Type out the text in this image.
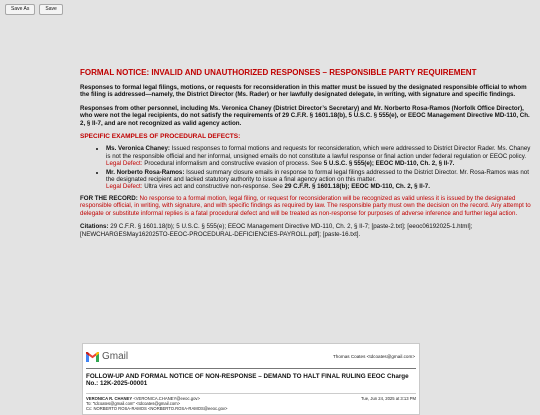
Save As	Save

FORMAL NOTICE: INVALID AND UNAUTHORIZED RESPONSES – RESPONSIBLE PARTY REQUIREMENT

Responses to formal legal filings, motions, or requests for reconsideration in this matter must be issued by the designated responsible official to whom the filing is addressed—namely, the District Director (Ms. Rader) or her lawfully designated delegate, in writing, with signature and specific findings.

Responses from other personnel, including Ms. Veronica Chaney (District Director’s Secretary) and Mr. Norberto Rosa-Ramos (Norfolk Office Director), who were not the legal recipients, do not satisfy the requirements of 29 C.F.R. § 1601.18(b), 5 U.S.C. § 555(e), or EEOC Management Directive MD-110, Ch. 2, § II-7, and are not recognized as valid agency action.

SPECIFIC EXAMPLES OF PROCEDURAL DEFECTS:

• Ms. Veronica Chaney: Issued responses to formal motions and requests for reconsideration, which were addressed to District Director Rader. Ms. Chaney is not the responsible official and her informal, unsigned emails do not constitute a lawful response or final action under federal regulation or EEOC policy.
Legal Defect: Procedural informalism and constructive evasion of process. See 5 U.S.C. § 555(e); EEOC MD-110, Ch. 2, § II-7.
• Mr. Norberto Rosa-Ramos: Issued summary closure emails in response to formal legal filings addressed to the District Director. Mr. Rosa-Ramos was not the designated recipient and lacked statutory authority to issue a final agency action on this matter.
Legal Defect: Ultra vires act and constructive non-response. See 29 C.F.R. § 1601.18(b); EEOC MD-110, Ch. 2, § II-7.

FOR THE RECORD: No response to a formal motion, legal filing, or request for reconsideration will be recognized as valid unless it is issued by the designated responsible official, in writing, with signature, and with specific findings as required by law. The responsible party must own the decision on the record. Any attempt to delegate or substitute informal replies is a fatal procedural defect and will be treated as non-response for purposes of adverse inference and further legal action.

Citations: 29 C.F.R. § 1601.18(b); 5 U.S.C. § 555(e); EEOC Management Directive MD-110, Ch. 2, § II-7; [paste-2.txt]; [eeoc06192025-1.html]; [NEWCHARGESMay162025TO-EEOC-PROCEDURAL-DEFICIENCIES-PAYROLL.pdf]; [paste-16.txt].

Gmail	Thomas Coates <tdcoates@gmail.com>
FOLLOW-UP AND FORMAL NOTICE OF NON-RESPONSE – DEMAND TO HALT FINAL RULING EEOC Charge No.: 12K-2025-00001
VERONICA R. CHANEY <VERONICA.CHANEY@eeoc.gov>	Tue, Jun 24, 2025 at 3:13 PM
To: "tdcoates@gmail.com" <tdcoates@gmail.com>
Cc: NORBERTO ROSA-RAMOS <NORBERTO.ROSA-RAMOS@eeoc.gov>
